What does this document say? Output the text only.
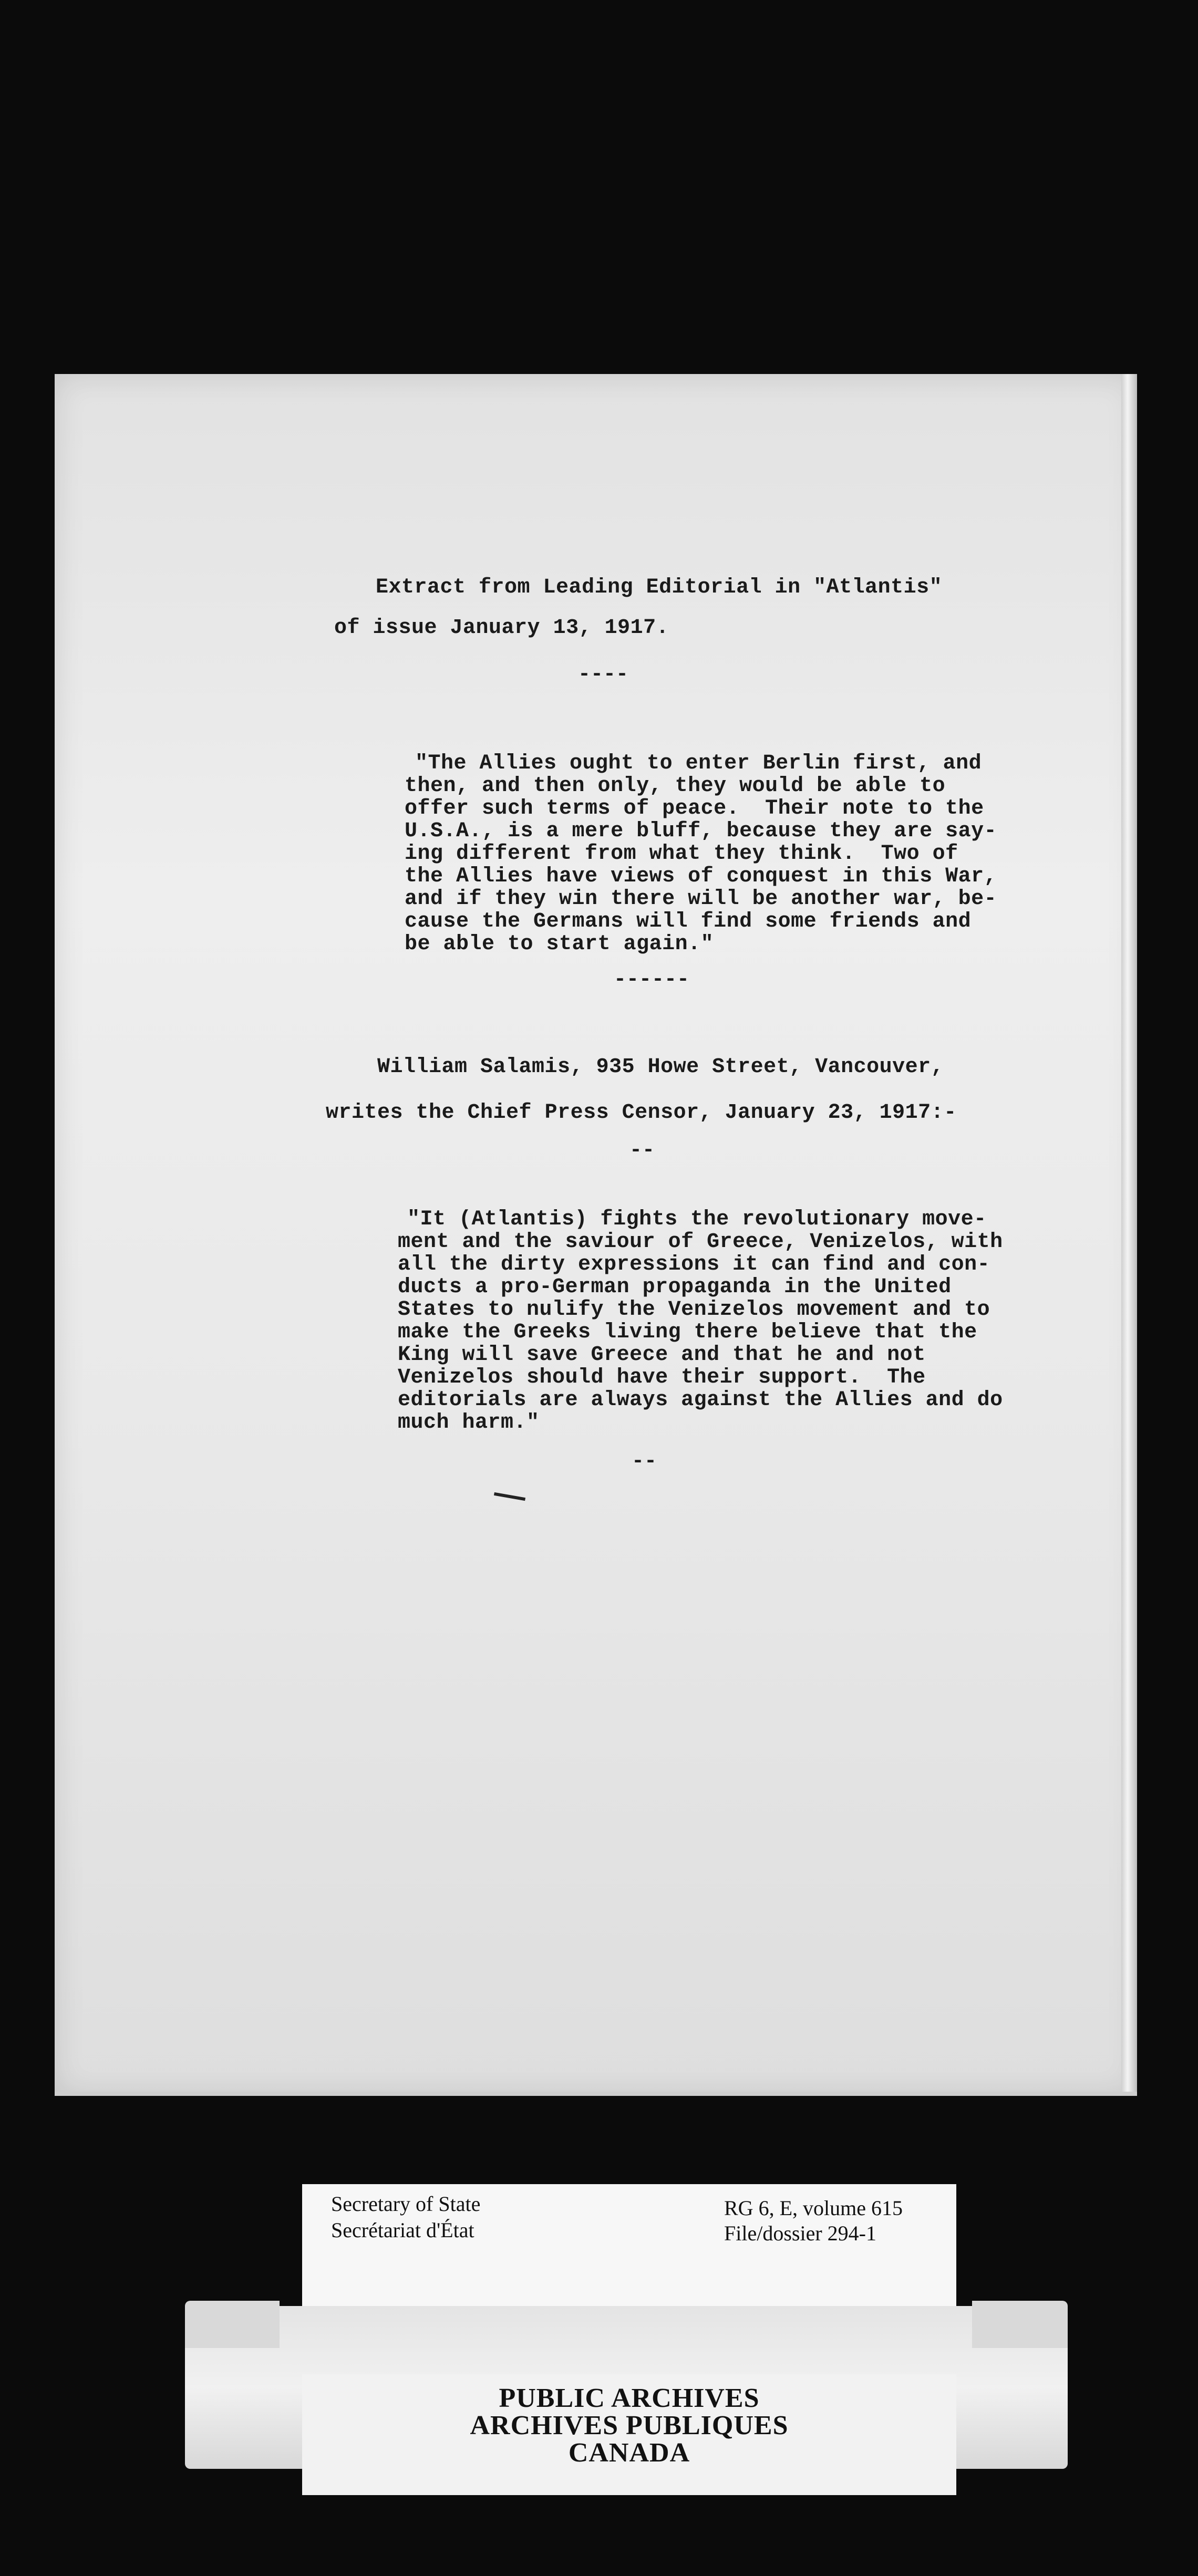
Extract from Leading Editorial in "Atlantis"
of issue January 13, 1917.
----
"The Allies ought to enter Berlin first, and
then, and then only, they would be able to
offer such terms of peace.  Their note to the
U.S.A., is a mere bluff, because they are say-
ing different from what they think.  Two of
the Allies have views of conquest in this War,
and if they win there will be another war, be-
cause the Germans will find some friends and
be able to start again."
------
William Salamis, 935 Howe Street, Vancouver,
writes the Chief Press Censor, January 23, 1917:-
--
"It (Atlantis) fights the revolutionary move-
ment and the saviour of Greece, Venizelos, with
all the dirty expressions it can find and con-
ducts a pro-German propaganda in the United
States to nulify the Venizelos movement and to
make the Greeks living there believe that the
King will save Greece and that he and not
Venizelos should have their support.  The
editorials are always against the Allies and do
much harm."
--
Secretary of State
Secrétariat d'État
RG 6, E, volume 615
File/dossier 294-1
PUBLIC ARCHIVES
ARCHIVES PUBLIQUES
CANADA
